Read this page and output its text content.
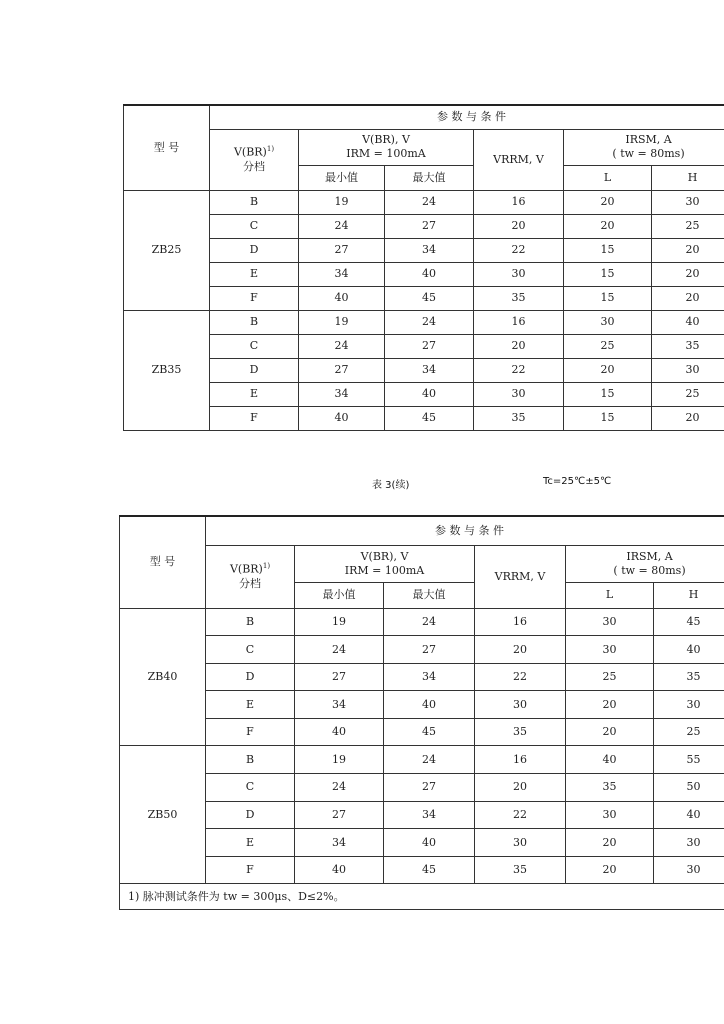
型 号	参 数 与 条 件					
	V(BR)$^{1)}$
分档	V(BR), V
IRM = 100mA		VRRM, V	IRSM, A
( tw = 80ms)	
		最小值	最大值		L	H
ZB25	B	19	24	16	20	30
	C	24	27	20	20	25
	D	27	34	22	15	20
	E	34	40	30	15	20
	F	40	45	35	15	20
ZB35	B	19	24	16	30	40
	C	24	27	20	25	35
	D	27	34	22	20	30
	E	34	40	30	15	25
	F	40	45	35	15	20
表 3(续)	Tc=25℃±5℃
型 号	参 数 与 条 件					
	V(BR)$^{1)}$
分档	V(BR), V
IRM = 100mA		VRRM, V	IRSM, A
( tw = 80ms)	
		最小值	最大值		L	H
ZB40	B	19	24	16	30	45
	C	24	27	20	30	40
	D	27	34	22	25	35
	E	34	40	30	20	30
	F	40	45	35	20	25
ZB50	B	19	24	16	40	55
	C	24	27	20	35	50
	D	27	34	22	30	40
	E	34	40	30	20	30
	F	40	45	35	20	30
1) 脉冲测试条件为 tw = 300μs、D≤2%。						
